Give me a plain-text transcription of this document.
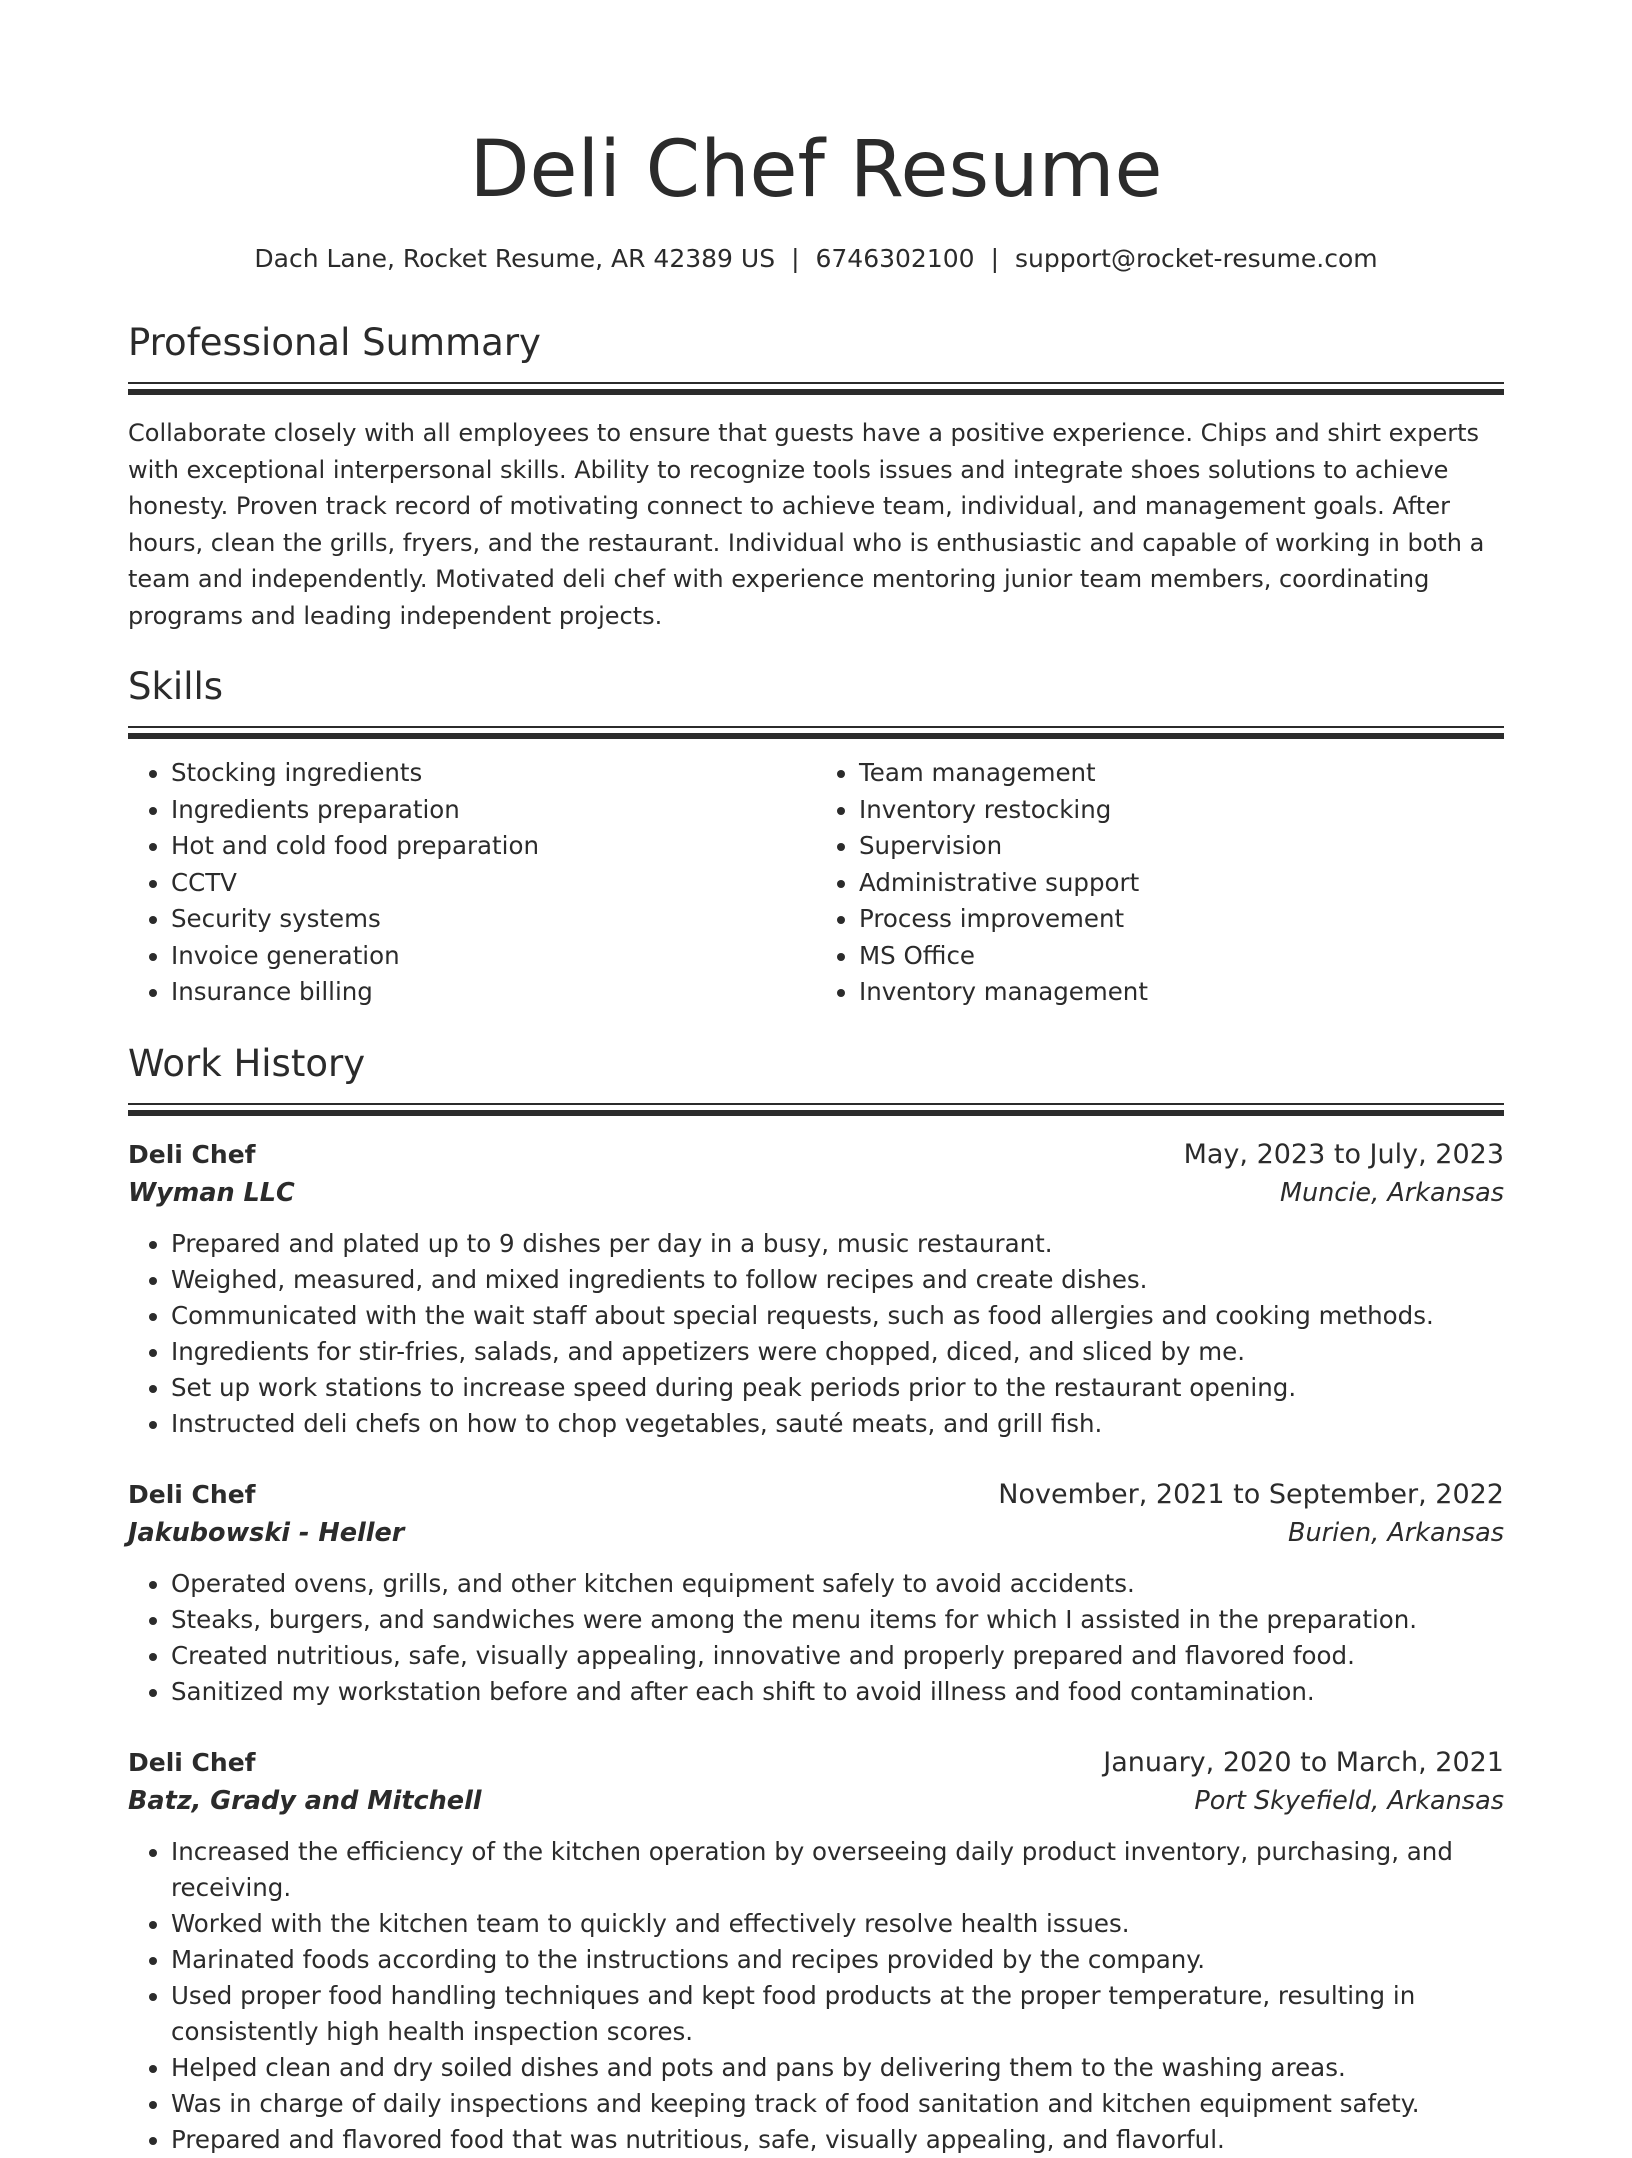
Deli Chef Resume
Dach Lane, Rocket Resume, AR 42389 US | 6746302100 | support@rocket-resume.com
Professional Summary

Collaborate closely with all employees to ensure that guests have a positive experience. Chips and shirt experts with exceptional interpersonal skills. Ability to recognize tools issues and integrate shoes solutions to achieve honesty. Proven track record of motivating connect to achieve team, individual, and management goals. After hours, clean the grills, fryers, and the restaurant. Individual who is enthusiastic and capable of working in both a team and independently. Motivated deli chef with experience mentoring junior team members, coordinating programs and leading independent projects.

Skills
• Stocking ingredients
• Ingredients preparation
• Hot and cold food preparation
• CCTV
• Security systems
• Invoice generation
• Insurance billing
• Team management
• Inventory restocking
• Supervision
• Administrative support
• Process improvement
• MS Office
• Inventory management
Work History
Deli Chef	May, 2023 to July, 2023
Wyman LLC	Muncie, Arkansas
• Prepared and plated up to 9 dishes per day in a busy, music restaurant.
• Weighed, measured, and mixed ingredients to follow recipes and create dishes.
• Communicated with the wait staff about special requests, such as food allergies and cooking methods.
• Ingredients for stir-fries, salads, and appetizers were chopped, diced, and sliced by me.
• Set up work stations to increase speed during peak periods prior to the restaurant opening.
• Instructed deli chefs on how to chop vegetables, sauté meats, and grill fish.
Deli Chef	November, 2021 to September, 2022
Jakubowski - Heller	Burien, Arkansas
• Operated ovens, grills, and other kitchen equipment safely to avoid accidents.
• Steaks, burgers, and sandwiches were among the menu items for which I assisted in the preparation.
• Created nutritious, safe, visually appealing, innovative and properly prepared and flavored food.
• Sanitized my workstation before and after each shift to avoid illness and food contamination.
Deli Chef	January, 2020 to March, 2021
Batz, Grady and Mitchell	Port Skyefield, Arkansas
• Increased the efficiency of the kitchen operation by overseeing daily product inventory, purchasing, and receiving.
• Worked with the kitchen team to quickly and effectively resolve health issues.
• Marinated foods according to the instructions and recipes provided by the company.
• Used proper food handling techniques and kept food products at the proper temperature, resulting in consistently high health inspection scores.
• Helped clean and dry soiled dishes and pots and pans by delivering them to the washing areas.
• Was in charge of daily inspections and keeping track of food sanitation and kitchen equipment safety.
• Prepared and flavored food that was nutritious, safe, visually appealing, and flavorful.
